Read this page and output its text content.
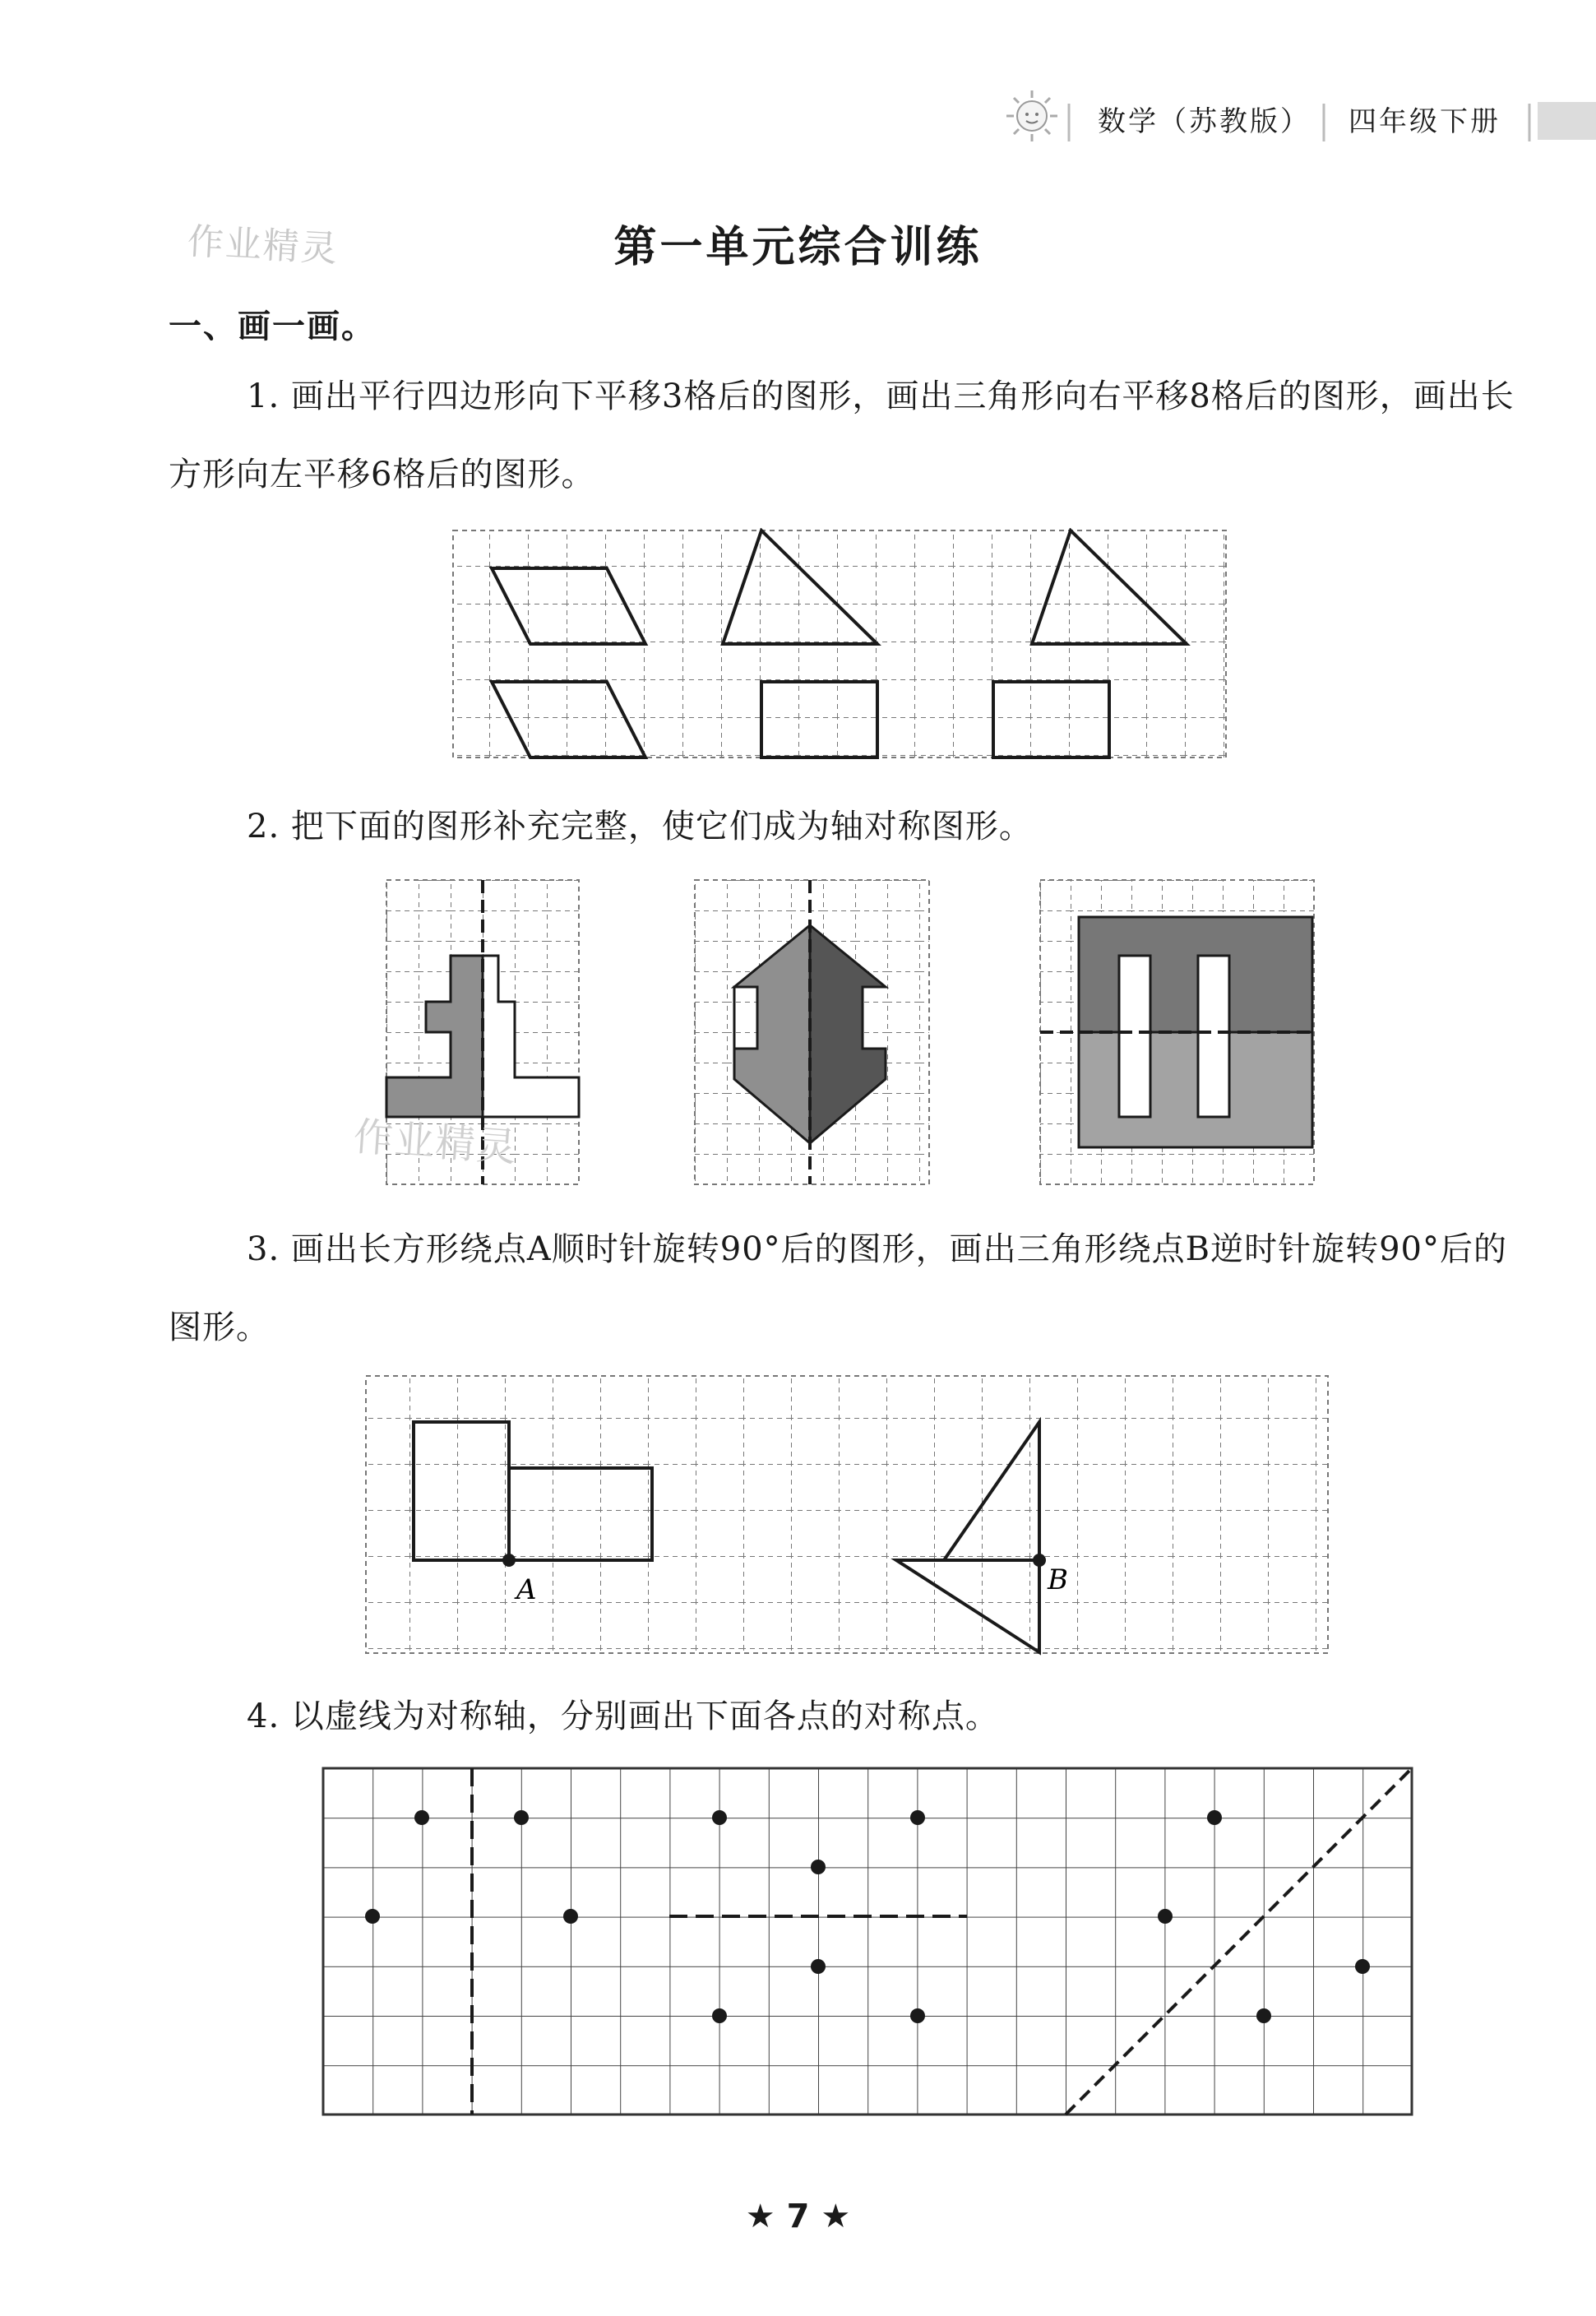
数学（苏教版） 四年级下册
作业精灵	第一单元综合训练
一、画一画。
1. 画出平行四边形向下平移3格后的图形，画出三角形向右平移8格后的图形，画出长方形向左平移6格后的图形。
2. 把下面的图形补充完整，使它们成为轴对称图形。
作业精灵
3. 画出长方形绕点A顺时针旋转90°后的图形，画出三角形绕点B逆时针旋转90°后的图形。
A	B
4. 以虚线为对称轴，分别画出下面各点的对称点。
★ 7 ★
